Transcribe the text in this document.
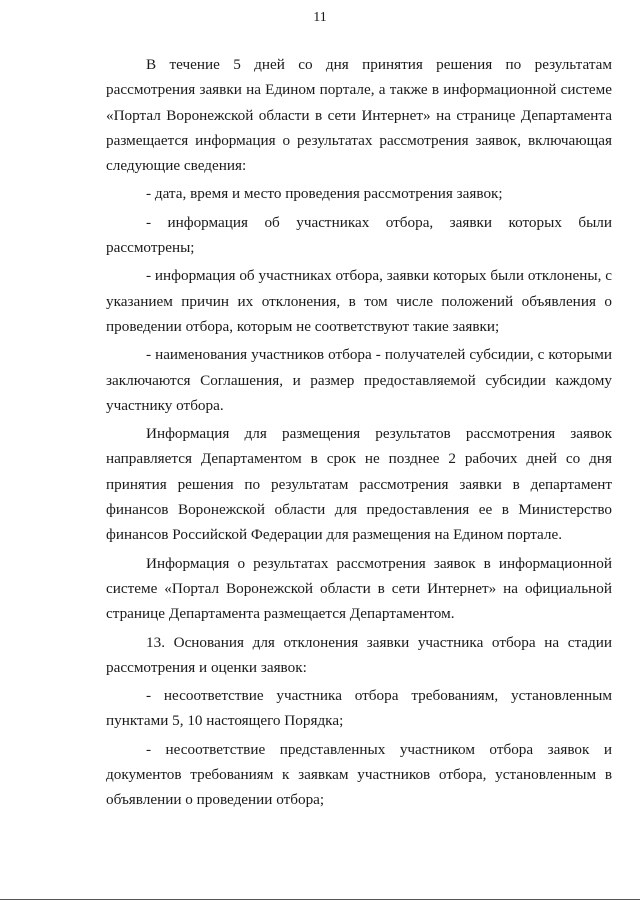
11

В течение 5 дней со дня принятия решения по результатам рассмотрения заявки на Едином портале, а также в информационной системе «Портал Воронежской области в сети Интернет» на странице Департамента размещается информация о результатах рассмотрения заявок, включающая следующие сведения:

- дата, время и место проведения рассмотрения заявок;

- информация об участниках отбора, заявки которых были рассмотрены;

- информация об участниках отбора, заявки которых были отклонены, с указанием причин их отклонения, в том числе положений объявления о проведении отбора, которым не соответствуют такие заявки;

- наименования участников отбора - получателей субсидии, с которыми заключаются Соглашения, и размер предоставляемой субсидии каждому участнику отбора.

Информация для размещения результатов рассмотрения заявок направляется Департаментом в срок не позднее 2 рабочих дней со дня принятия решения по результатам рассмотрения заявки в департамент финансов Воронежской области для предоставления ее в Министерство финансов Российской Федерации для размещения на Едином портале.

Информация о результатах рассмотрения заявок в информационной системе «Портал Воронежской области в сети Интернет» на официальной странице Департамента размещается Департаментом.

13. Основания для отклонения заявки участника отбора на стадии рассмотрения и оценки заявок:

- несоответствие участника отбора требованиям, установленным пунктами 5, 10 настоящего Порядка;

- несоответствие представленных участником отбора заявок и документов требованиям к заявкам участников отбора, установленным в объявлении о проведении отбора;
